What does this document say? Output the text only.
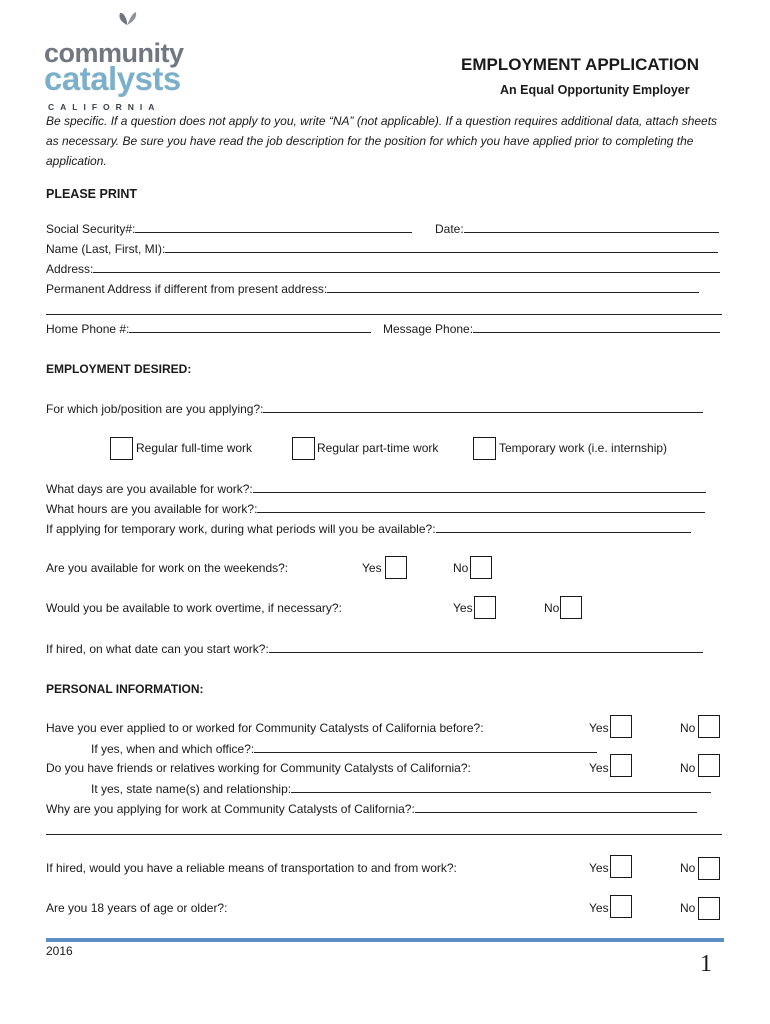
community
catalysts
CALIFORNIA
EMPLOYMENT APPLICATION
An Equal Opportunity Employer
Be specific. If a question does not apply to you, write “NA” (not applicable). If a question requires additional data, attach sheets as necessary. Be sure you have read the job description for the position for which you have applied prior to completing the application.
PLEASE PRINT
Social Security#:	Date:
Name (Last, First, MI):
Address:
Permanent Address if different from present address:
Home Phone #:	Message Phone:
EMPLOYMENT DESIRED:
For which job/position are you applying?:
Regular full-time work	Regular part-time work	Temporary work (i.e. internship)
What days are you available for work?:
What hours are you available for work?:
If applying for temporary work, during what periods will you be available?:
Are you available for work on the weekends?:	Yes	No
Would you be available to work overtime, if necessary?:	Yes	No
If hired, on what date can you start work?:
PERSONAL INFORMATION:
Have you ever applied to or worked for Community Catalysts of California before?:	Yes	No
If yes, when and which office?:
Do you have friends or relatives working for Community Catalysts of California?:	Yes	No
It yes, state name(s) and relationship:
Why are you applying for work at Community Catalysts of California?:
If hired, would you have a reliable means of transportation to and from work?:	Yes	No
Are you 18 years of age or older?:	Yes	No
2016	1
